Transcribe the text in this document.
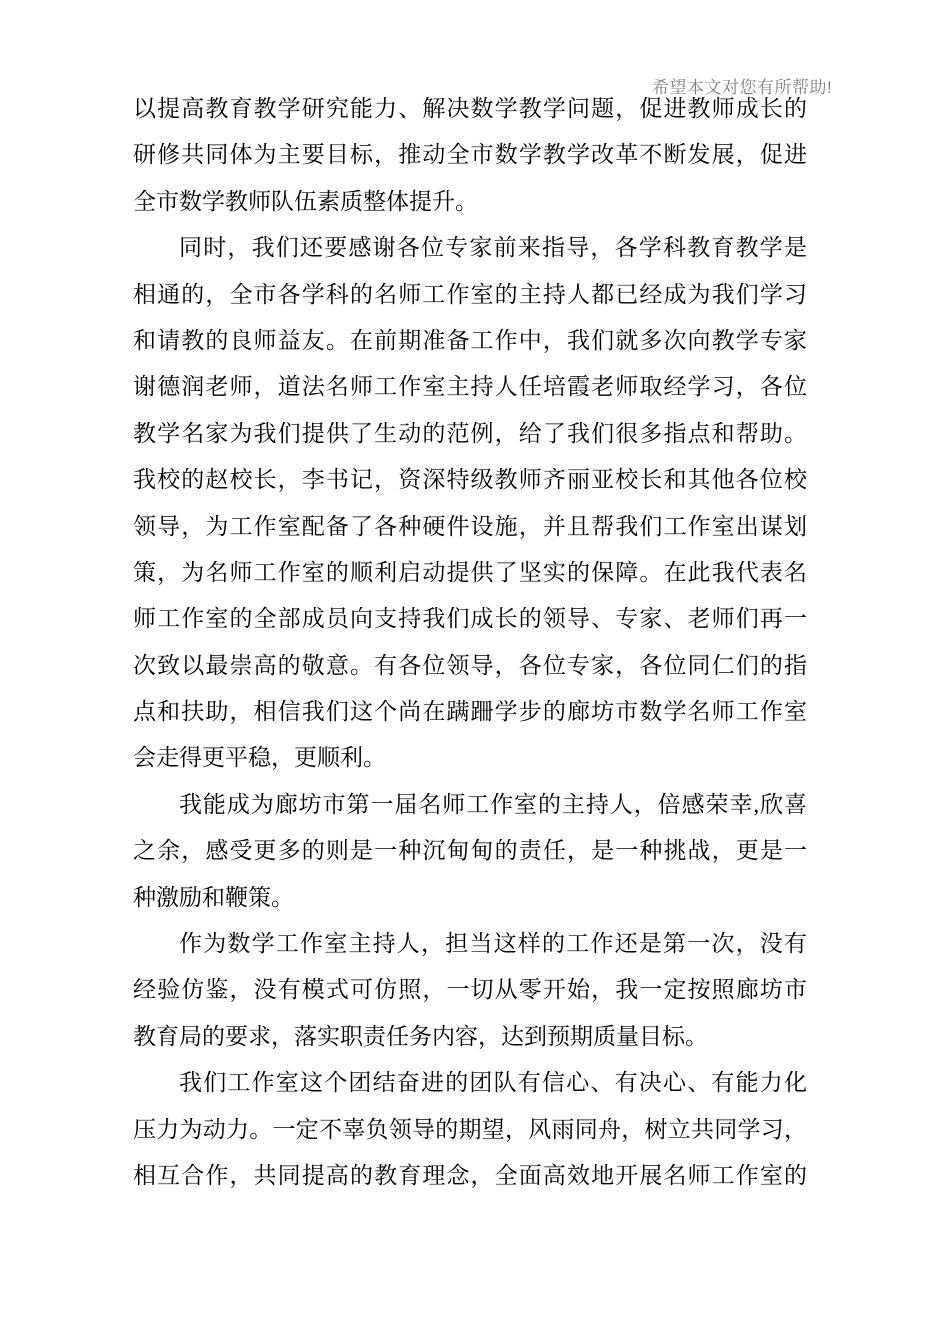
希望本文对您有所帮助!
以提高教育教学研究能力、解决数学教学问题，促进教师成长的
研修共同体为主要目标，推动全市数学教学改革不断发展，促进
全市数学教师队伍素质整体提升。
同时，我们还要感谢各位专家前来指导，各学科教育教学是
相通的，全市各学科的名师工作室的主持人都已经成为我们学习
和请教的良师益友。在前期准备工作中，我们就多次向教学专家
谢德润老师，道法名师工作室主持人任培霞老师取经学习，各位
教学名家为我们提供了生动的范例，给了我们很多指点和帮助。
我校的赵校长，李书记，资深特级教师齐丽亚校长和其他各位校
领导，为工作室配备了各种硬件设施，并且帮我们工作室出谋划
策，为名师工作室的顺利启动提供了坚实的保障。在此我代表名
师工作室的全部成员向支持我们成长的领导、专家、老师们再一
次致以最崇高的敬意。有各位领导，各位专家，各位同仁们的指
点和扶助，相信我们这个尚在蹒跚学步的廊坊市数学名师工作室
会走得更平稳，更顺利。
我能成为廊坊市第一届名师工作室的主持人，倍感荣幸,欣喜
之余，感受更多的则是一种沉甸甸的责任，是一种挑战，更是一
种激励和鞭策。
作为数学工作室主持人，担当这样的工作还是第一次，没有
经验仿鉴，没有模式可仿照，一切从零开始，我一定按照廊坊市
教育局的要求，落实职责任务内容，达到预期质量目标。
我们工作室这个团结奋进的团队有信心、有决心、有能力化
压力为动力。一定不辜负领导的期望，风雨同舟，树立共同学习，
相互合作，共同提高的教育理念，全面高效地开展名师工作室的
